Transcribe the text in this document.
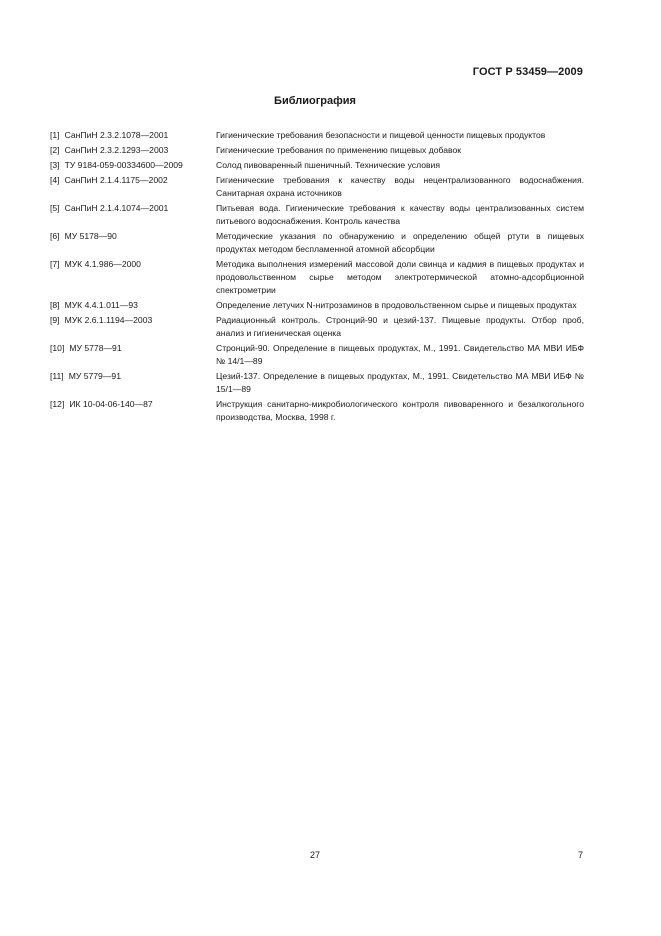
ГОСТ Р 53459—2009
Библиография
[1] СанПиН 2.3.2.1078—2001	Гигиенические требования безопасности и пищевой ценности пищевых продуктов
[2] СанПиН 2.3.2.1293—2003	Гигиенические требования по применению пищевых добавок
[3] ТУ 9184-059-00334600—2009	Солод пивоваренный пшеничный. Технические условия
[4] СанПиН 2.1.4.1175—2002	Гигиенические требования к качеству воды нецентрализованного водоснабжения. Санитарная охрана источников
[5] СанПиН 2.1.4.1074—2001	Питьевая вода. Гигиенические требования к качеству воды централизованных систем питьевого водоснабжения. Контроль качества
[6] МУ 5178—90	Методические указания по обнаружению и определению общей ртути в пищевых продуктах методом беспламенной атомной абсорбции
[7] МУК 4.1.986—2000	Методика выполнения измерений массовой доли свинца и кадмия в пищевых продуктах и продовольственном сырье методом электротермической атомно-адсорбционной спектрометрии
[8] МУК 4.4.1.011—93	Определение летучих N-нитрозаминов в продовольственном сырье и пищевых продуктах
[9] МУК 2.6.1.1194—2003	Радиационный контроль. Стронций-90 и цезий-137. Пищевые продукты. Отбор проб, анализ и гигиеническая оценка
[10] МУ 5778—91	Стронций-90. Определение в пищевых продуктах, М., 1991. Свидетельство МА МВИ ИБФ № 14/1—89
[11] МУ 5779—91	Цезий-137. Определение в пищевых продуктах, М., 1991. Свидетельство МА МВИ ИБФ № 15/1—89
[12] ИК 10-04-06-140—87	Инструкция санитарно-микробиологического контроля пивоваренного и безалкогольного производства, Москва, 1998 г.
27	7
